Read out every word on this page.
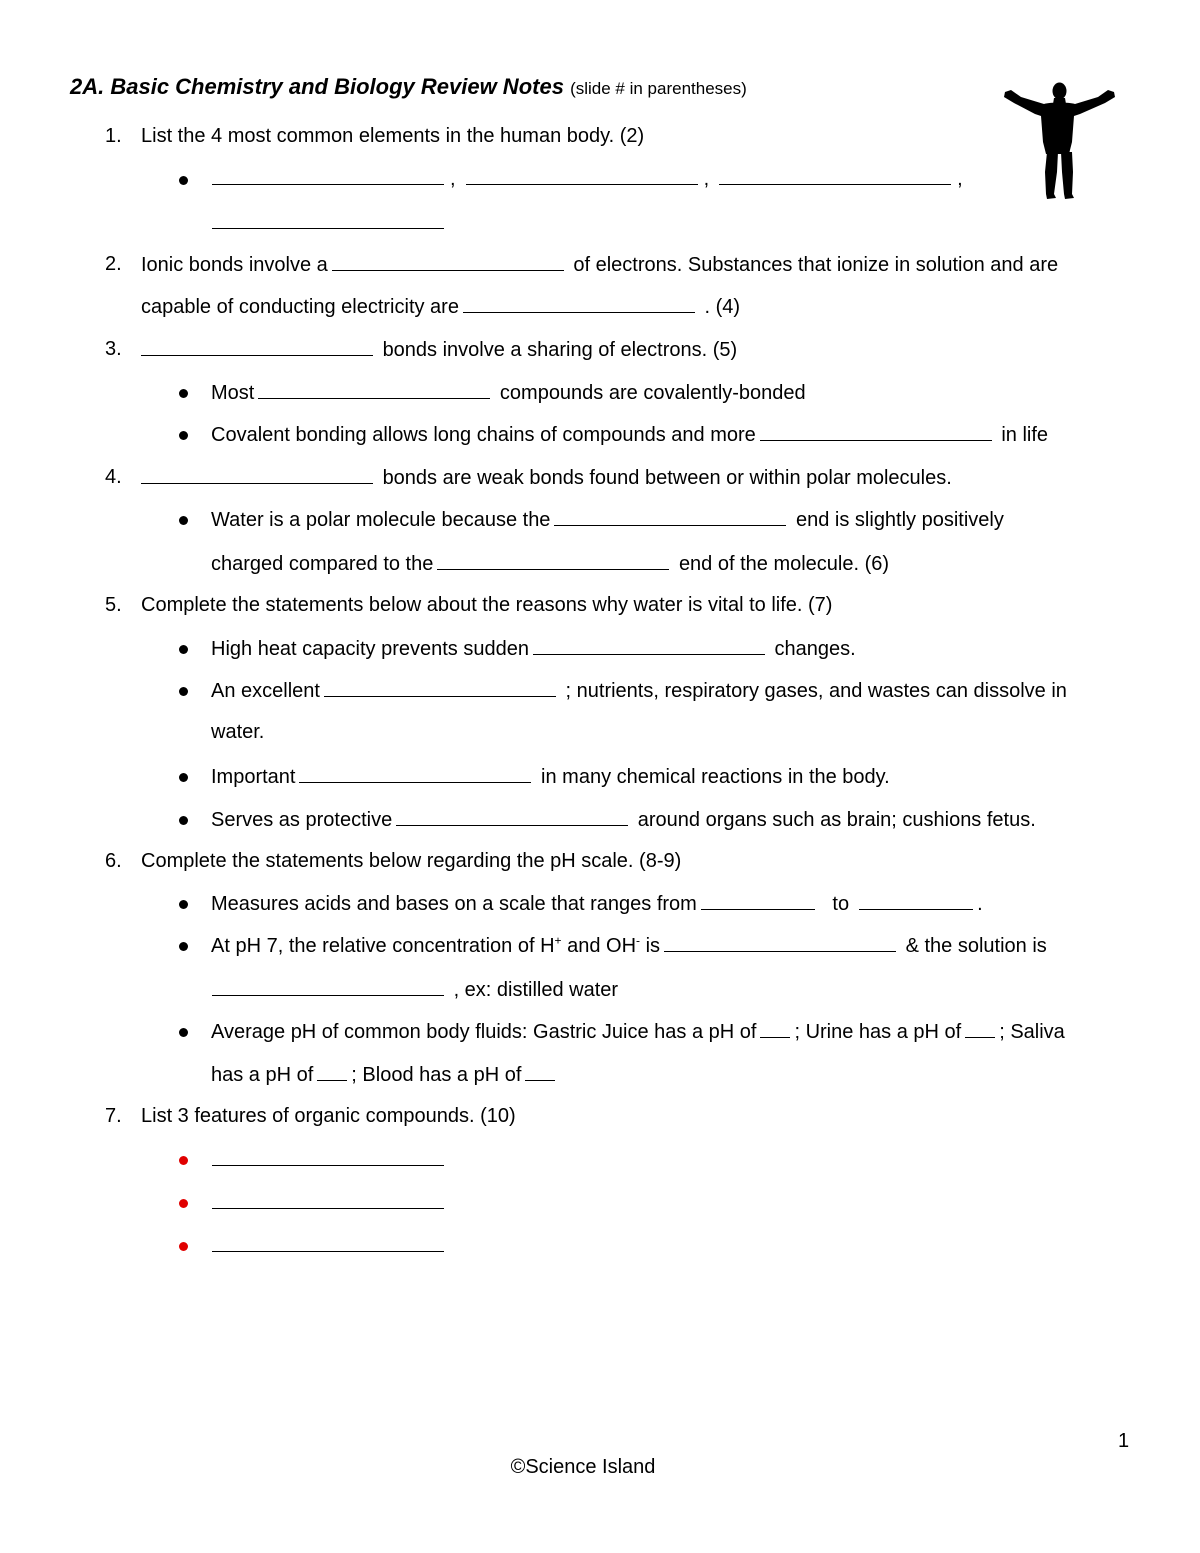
2A. Basic Chemistry and Biology Review Notes (slide # in parentheses)
1. List the 4 most common elements in the human body. (2)
,	,	,
2. Ionic bonds involve a	of electrons. Substances that ionize in solution and are
capable of conducting electricity are	. (4)
3.	bonds involve a sharing of electrons. (5)
Most	compounds are covalently-bonded
Covalent bonding allows long chains of compounds and more	in life
4.	bonds are weak bonds found between or within polar molecules.
Water is a polar molecule because the	end is slightly positively
charged compared to the	end of the molecule. (6)
5. Complete the statements below about the reasons why water is vital to life. (7)
High heat capacity prevents sudden	changes.
An excellent	; nutrients, respiratory gases, and wastes can dissolve in
water.
Important	in many chemical reactions in the body.
Serves as protective	around organs such as brain; cushions fetus.
6. Complete the statements below regarding the pH scale. (8-9)
Measures acids and bases on a scale that ranges from	to	.
At pH 7, the relative concentration of H+ and OH- is	& the solution is
, ex: distilled water
Average pH of common body fluids: Gastric Juice has a pH of ; Urine has a pH of ; Saliva
has a pH of ; Blood has a pH of
7. List 3 features of organic compounds. (10)
1
©Science Island
